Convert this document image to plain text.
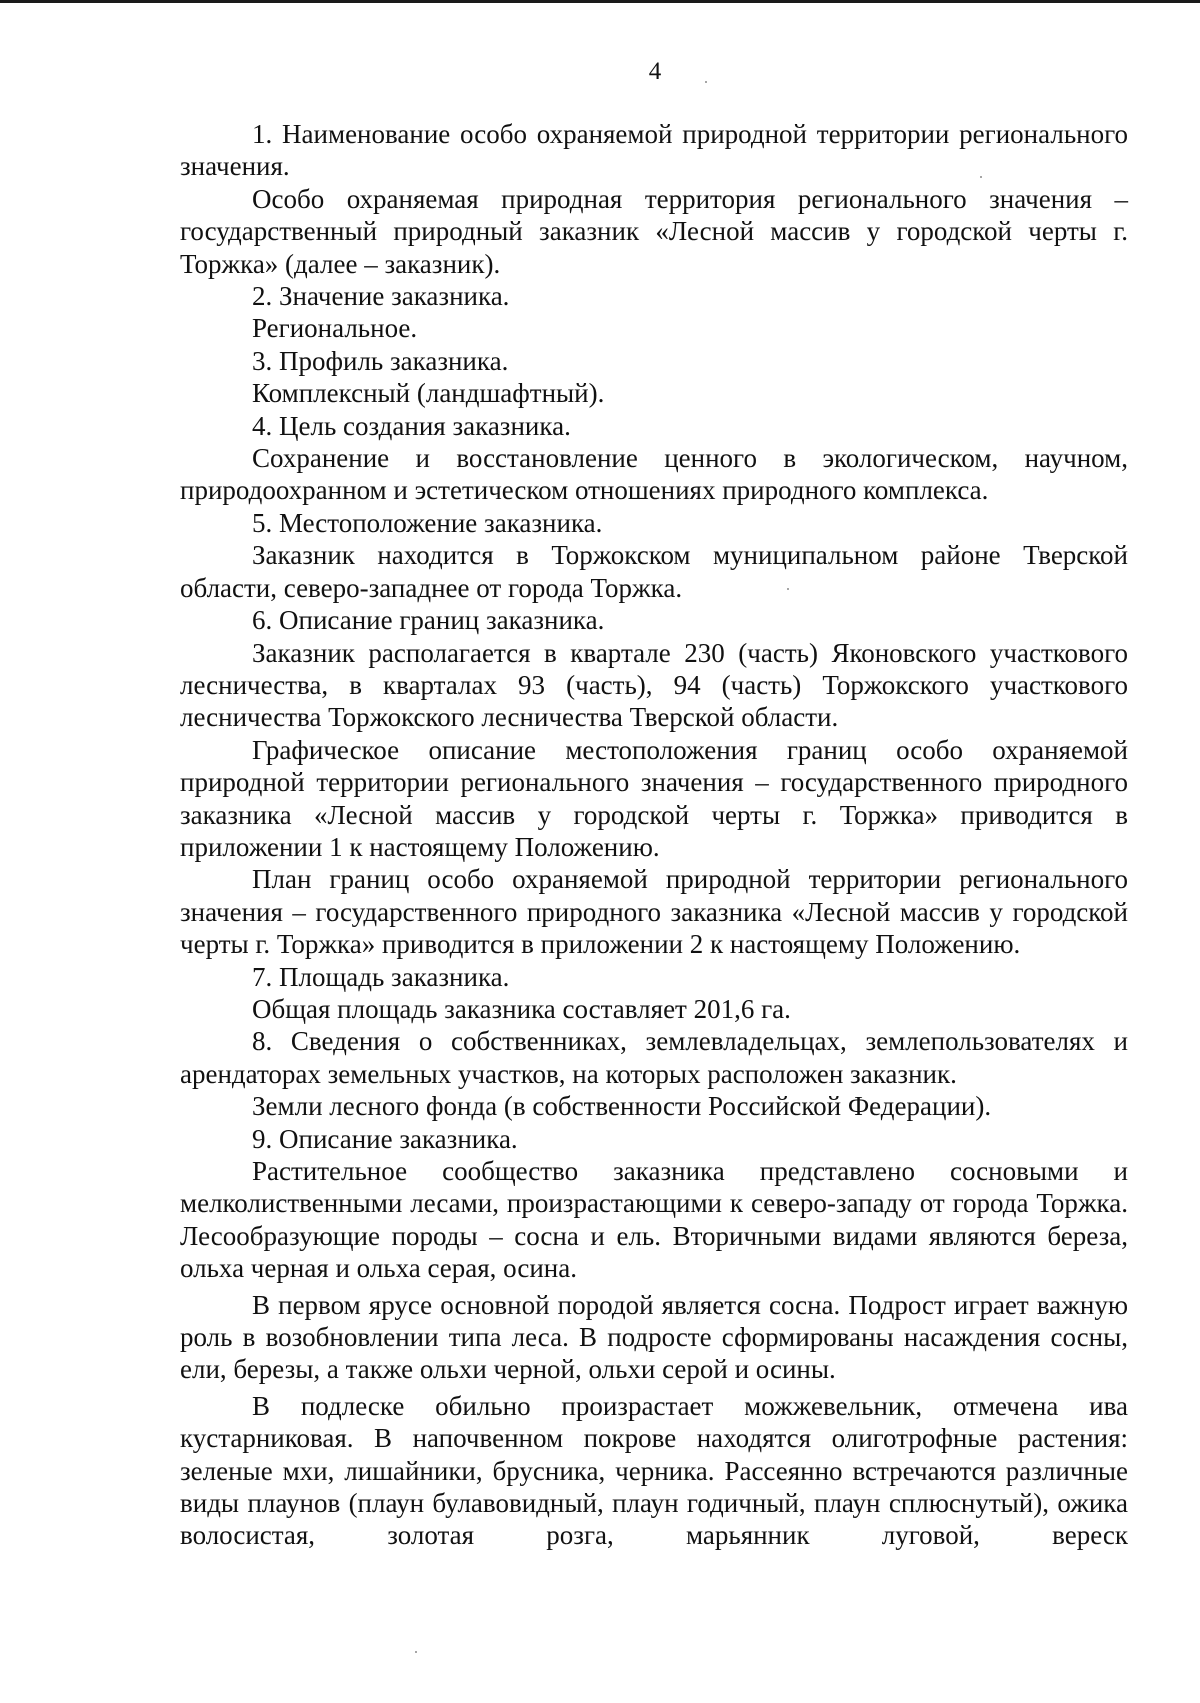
4

1. Наименование особо охраняемой природной территории регионального значения.

Особо охраняемая природная территория регионального значения – государственный природный заказник «Лесной массив у городской черты г. Торжка» (далее – заказник).

2. Значение заказника.

Региональное.

3. Профиль заказника.

Комплексный (ландшафтный).

4. Цель создания заказника.

Сохранение и восстановление ценного в экологическом, научном, природоохранном и эстетическом отношениях природного комплекса.

5. Местоположение заказника.

Заказник находится в Торжокском муниципальном районе Тверской области, северо-западнее от города Торжка.

6. Описание границ заказника.

Заказник располагается в квартале 230 (часть) Яконовского участкового лесничества, в кварталах 93 (часть), 94 (часть) Торжокского участкового лесничества Торжокского лесничества Тверской области.

Графическое описание местоположения границ особо охраняемой природной территории регионального значения – государственного природного заказника «Лесной массив у городской черты г. Торжка» приводится в приложении 1 к настоящему Положению.

План границ особо охраняемой природной территории регионального значения – государственного природного заказника «Лесной массив у городской черты г. Торжка» приводится в приложении 2 к настоящему Положению.

7. Площадь заказника.

Общая площадь заказника составляет 201,6 га.

8. Сведения о собственниках, землевладельцах, землепользователях и арендаторах земельных участков, на которых расположен заказник.

Земли лесного фонда (в собственности Российской Федерации).

9. Описание заказника.

Растительное сообщество заказника представлено сосновыми и мелколиственными лесами, произрастающими к северо-западу от города Торжка. Лесообразующие породы – сосна и ель. Вторичными видами являются береза, ольха черная и ольха серая, осина.

В первом ярусе основной породой является сосна. Подрост играет важную роль в возобновлении типа леса. В подросте сформированы насаждения сосны, ели, березы, а также ольхи черной, ольхи серой и осины.

В подлеске обильно произрастает можжевельник, отмечена ива кустарниковая. В напочвенном покрове находятся олиготрофные растения: зеленые мхи, лишайники, брусника, черника. Рассеянно встречаются различные виды плаунов (плаун булавовидный, плаун годичный, плаун сплюснутый), ожика волосистая, золотая розга, марьянник луговой, вереск
